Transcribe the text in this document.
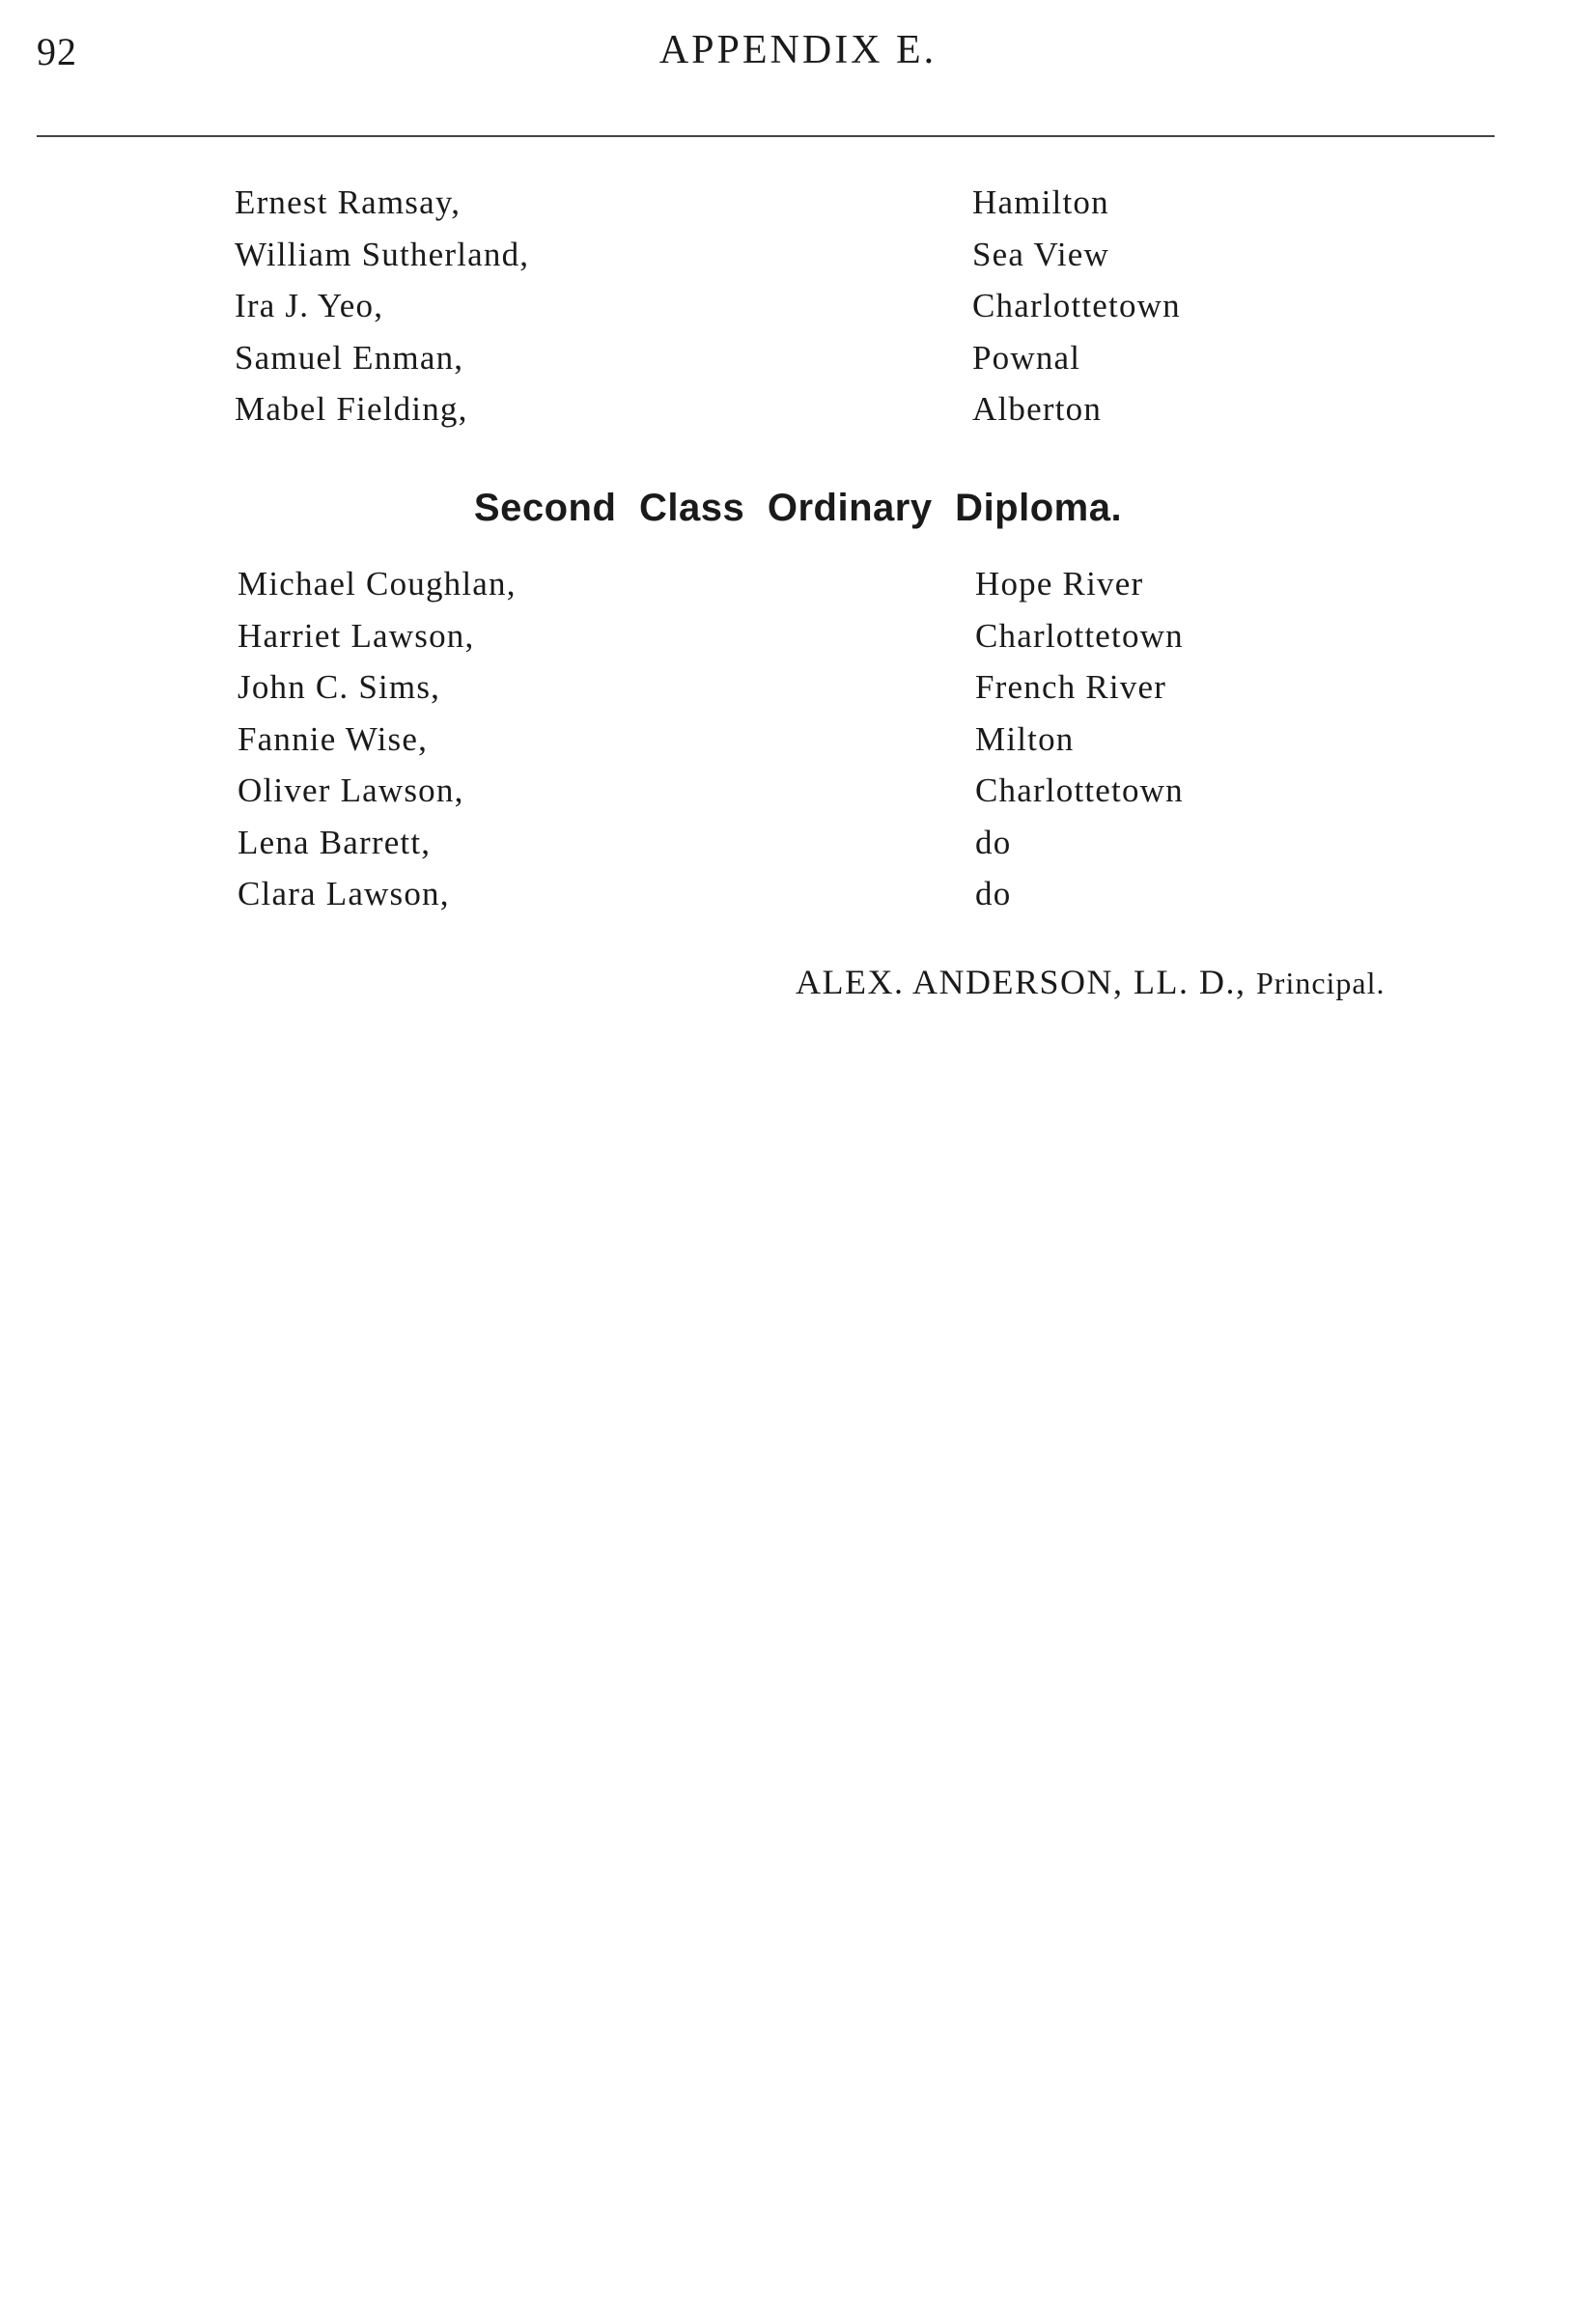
92	APPENDIX E.
Ernest Ramsay,	Hamilton
William Sutherland,	Sea View
Ira J. Yeo,	Charlottetown
Samuel Enman,	Pownal
Mabel Fielding,	Alberton
Second Class Ordinary Diploma.
Michael Coughlan,	Hope River
Harriet Lawson,	Charlottetown
John C. Sims,	French River
Fannie Wise,	Milton
Oliver Lawson,	Charlottetown
Lena Barrett,	do
Clara Lawson,	do
ALEX. ANDERSON, LL. D., Principal.
